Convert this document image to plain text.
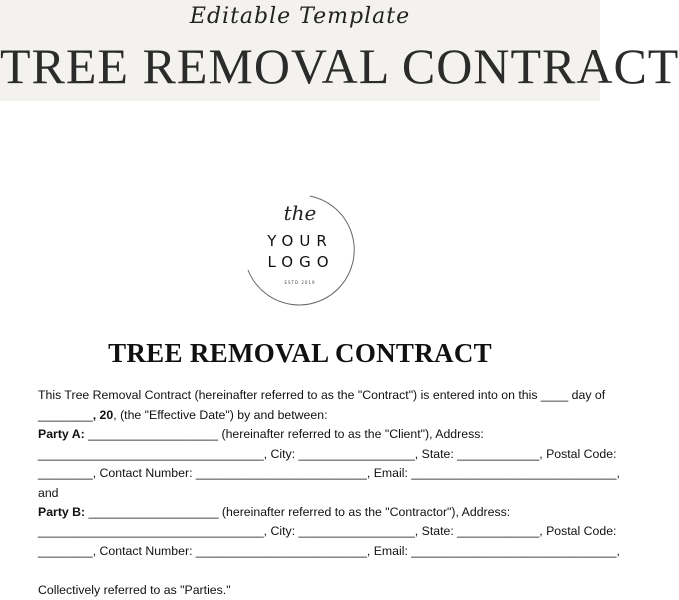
Editable Template
TREE REMOVAL CONTRACT
the
YOUR
LOGO
ESTD 2019
TREE REMOVAL CONTRACT
This Tree Removal Contract (hereinafter referred to as the "Contract") is entered into on this ____ day of
________, 20, (the "Effective Date") by and between:
Party A: ___________________ (hereinafter referred to as the "Client"), Address:
_________________________________, City: _________________, State: ____________, Postal Code:
________, Contact Number: _________________________, Email: ______________________________,
and
Party B: ___________________ (hereinafter referred to as the "Contractor"), Address:
_________________________________, City: _________________, State: ____________, Postal Code:
________, Contact Number: _________________________, Email: ______________________________,
Collectively referred to as "Parties."
